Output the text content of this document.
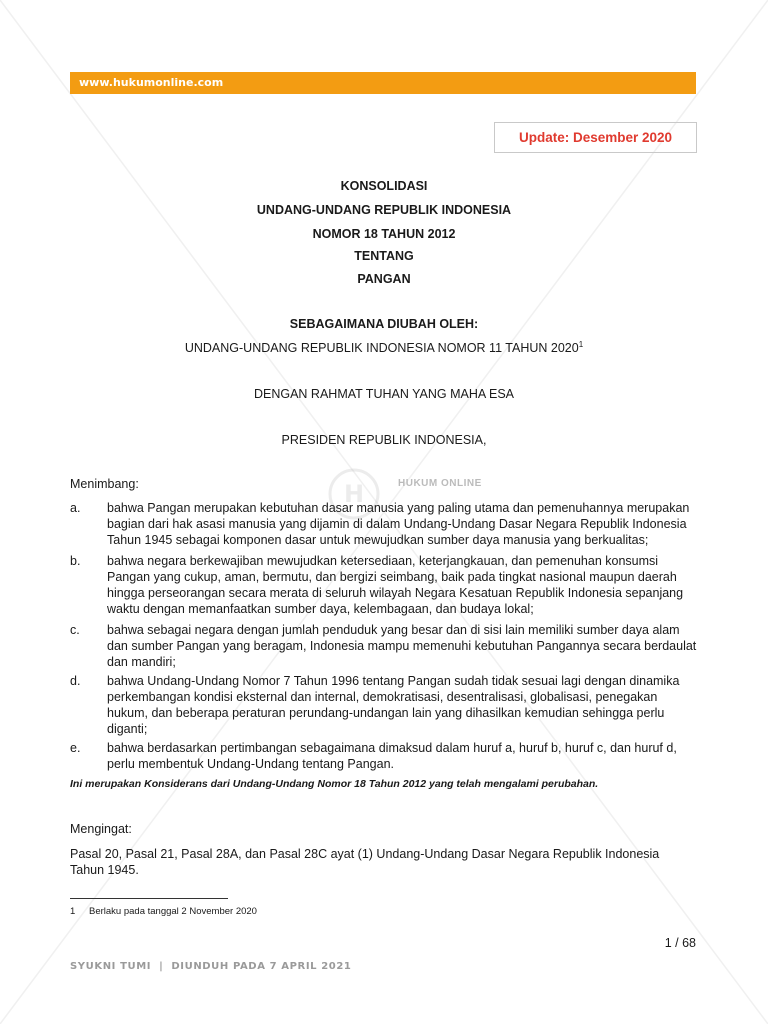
www.hukumonline.com
Update: Desember 2020
KONSOLIDASI
UNDANG-UNDANG REPUBLIK INDONESIA
NOMOR 18 TAHUN 2012
TENTANG
PANGAN
SEBAGAIMANA DIUBAH OLEH:
UNDANG-UNDANG REPUBLIK INDONESIA NOMOR 11 TAHUN 2020$^1$
DENGAN RAHMAT TUHAN YANG MAHA ESA
PRESIDEN REPUBLIK INDONESIA,
H	HUKUM ONLINE
Menimbang:
a. bahwa Pangan merupakan kebutuhan dasar manusia yang paling utama dan pemenuhannya merupakan bagian dari hak asasi manusia yang dijamin di dalam Undang-Undang Dasar Negara Republik Indonesia Tahun 1945 sebagai komponen dasar untuk mewujudkan sumber daya manusia yang berkualitas;
b. bahwa negara berkewajiban mewujudkan ketersediaan, keterjangkauan, dan pemenuhan konsumsi Pangan yang cukup, aman, bermutu, dan bergizi seimbang, baik pada tingkat nasional maupun daerah hingga perseorangan secara merata di seluruh wilayah Negara Kesatuan Republik Indonesia sepanjang waktu dengan memanfaatkan sumber daya, kelembagaan, dan budaya lokal;
c. bahwa sebagai negara dengan jumlah penduduk yang besar dan di sisi lain memiliki sumber daya alam dan sumber Pangan yang beragam, Indonesia mampu memenuhi kebutuhan Pangannya secara berdaulat dan mandiri;
d. bahwa Undang-Undang Nomor 7 Tahun 1996 tentang Pangan sudah tidak sesuai lagi dengan dinamika perkembangan kondisi eksternal dan internal, demokratisasi, desentralisasi, globalisasi, penegakan hukum, dan beberapa peraturan perundang-undangan lain yang dihasilkan kemudian sehingga perlu diganti;
e. bahwa berdasarkan pertimbangan sebagaimana dimaksud dalam huruf a, huruf b, huruf c, dan huruf d, perlu membentuk Undang-Undang tentang Pangan.
Ini merupakan Konsiderans dari Undang-Undang Nomor 18 Tahun 2012 yang telah mengalami perubahan.
Mengingat:
Pasal 20, Pasal 21, Pasal 28A, dan Pasal 28C ayat (1) Undang-Undang Dasar Negara Republik Indonesia Tahun 1945.
1 Berlaku pada tanggal 2 November 2020
1 / 68
SYUKNI TUMI | DIUNDUH PADA 7 APRIL 2021
